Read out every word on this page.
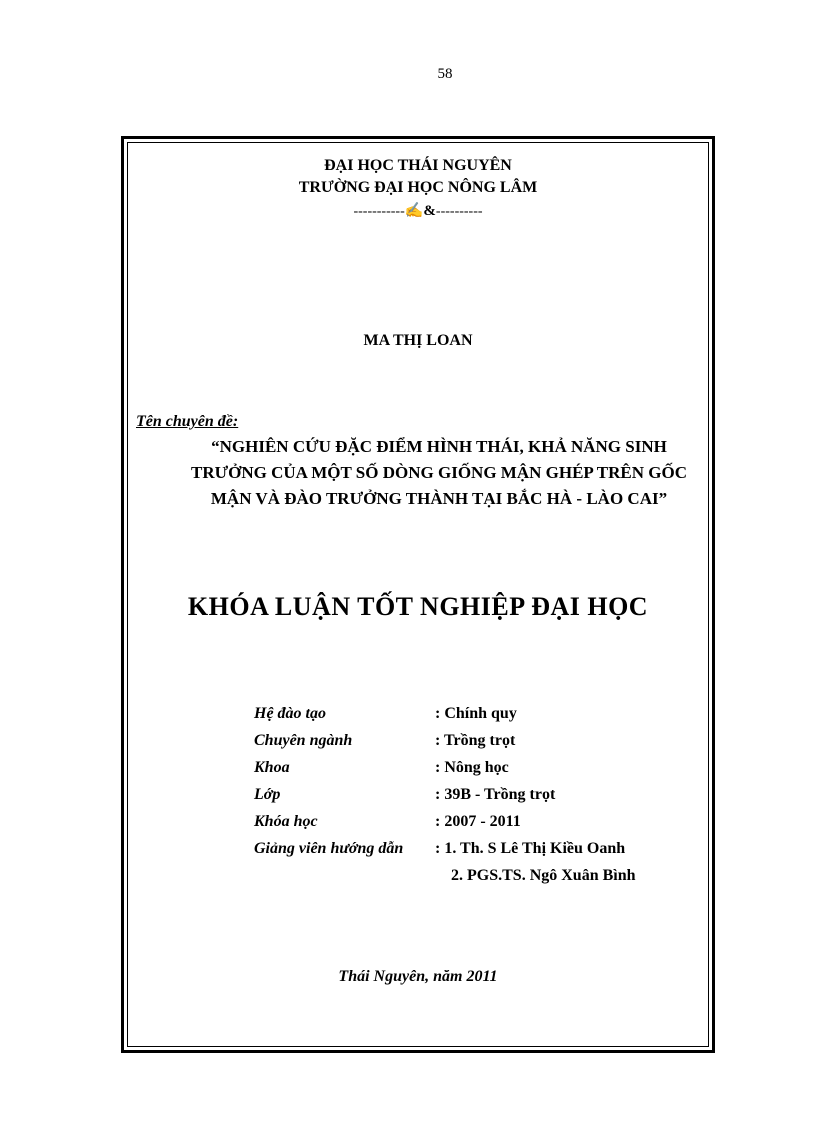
58
ĐẠI HỌC THÁI NGUYÊN
TRƯỜNG ĐẠI HỌC NÔNG LÂM
-----------✍&----------
MA THỊ LOAN
Tên chuyên đề:
“NGHIÊN CỨU ĐẶC ĐIỂM HÌNH THÁI, KHẢ NĂNG SINH
TRƯỞNG CỦA MỘT SỐ DÒNG GIỐNG MẬN GHÉP TRÊN GỐC
MẬN VÀ ĐÀO TRƯỞNG THÀNH TẠI BẮC HÀ - LÀO CAI”
KHÓA LUẬN TỐT NGHIỆP ĐẠI HỌC
Hệ đào tạo	: Chính quy
Chuyên ngành	: Trồng trọt
Khoa	: Nông học
Lớp	: 39B - Trồng trọt
Khóa học	: 2007 - 2011
Giảng viên hướng dẫn	: 1. Th. S Lê Thị Kiều Oanh
2. PGS.TS. Ngô Xuân Bình
Thái Nguyên, năm 2011
